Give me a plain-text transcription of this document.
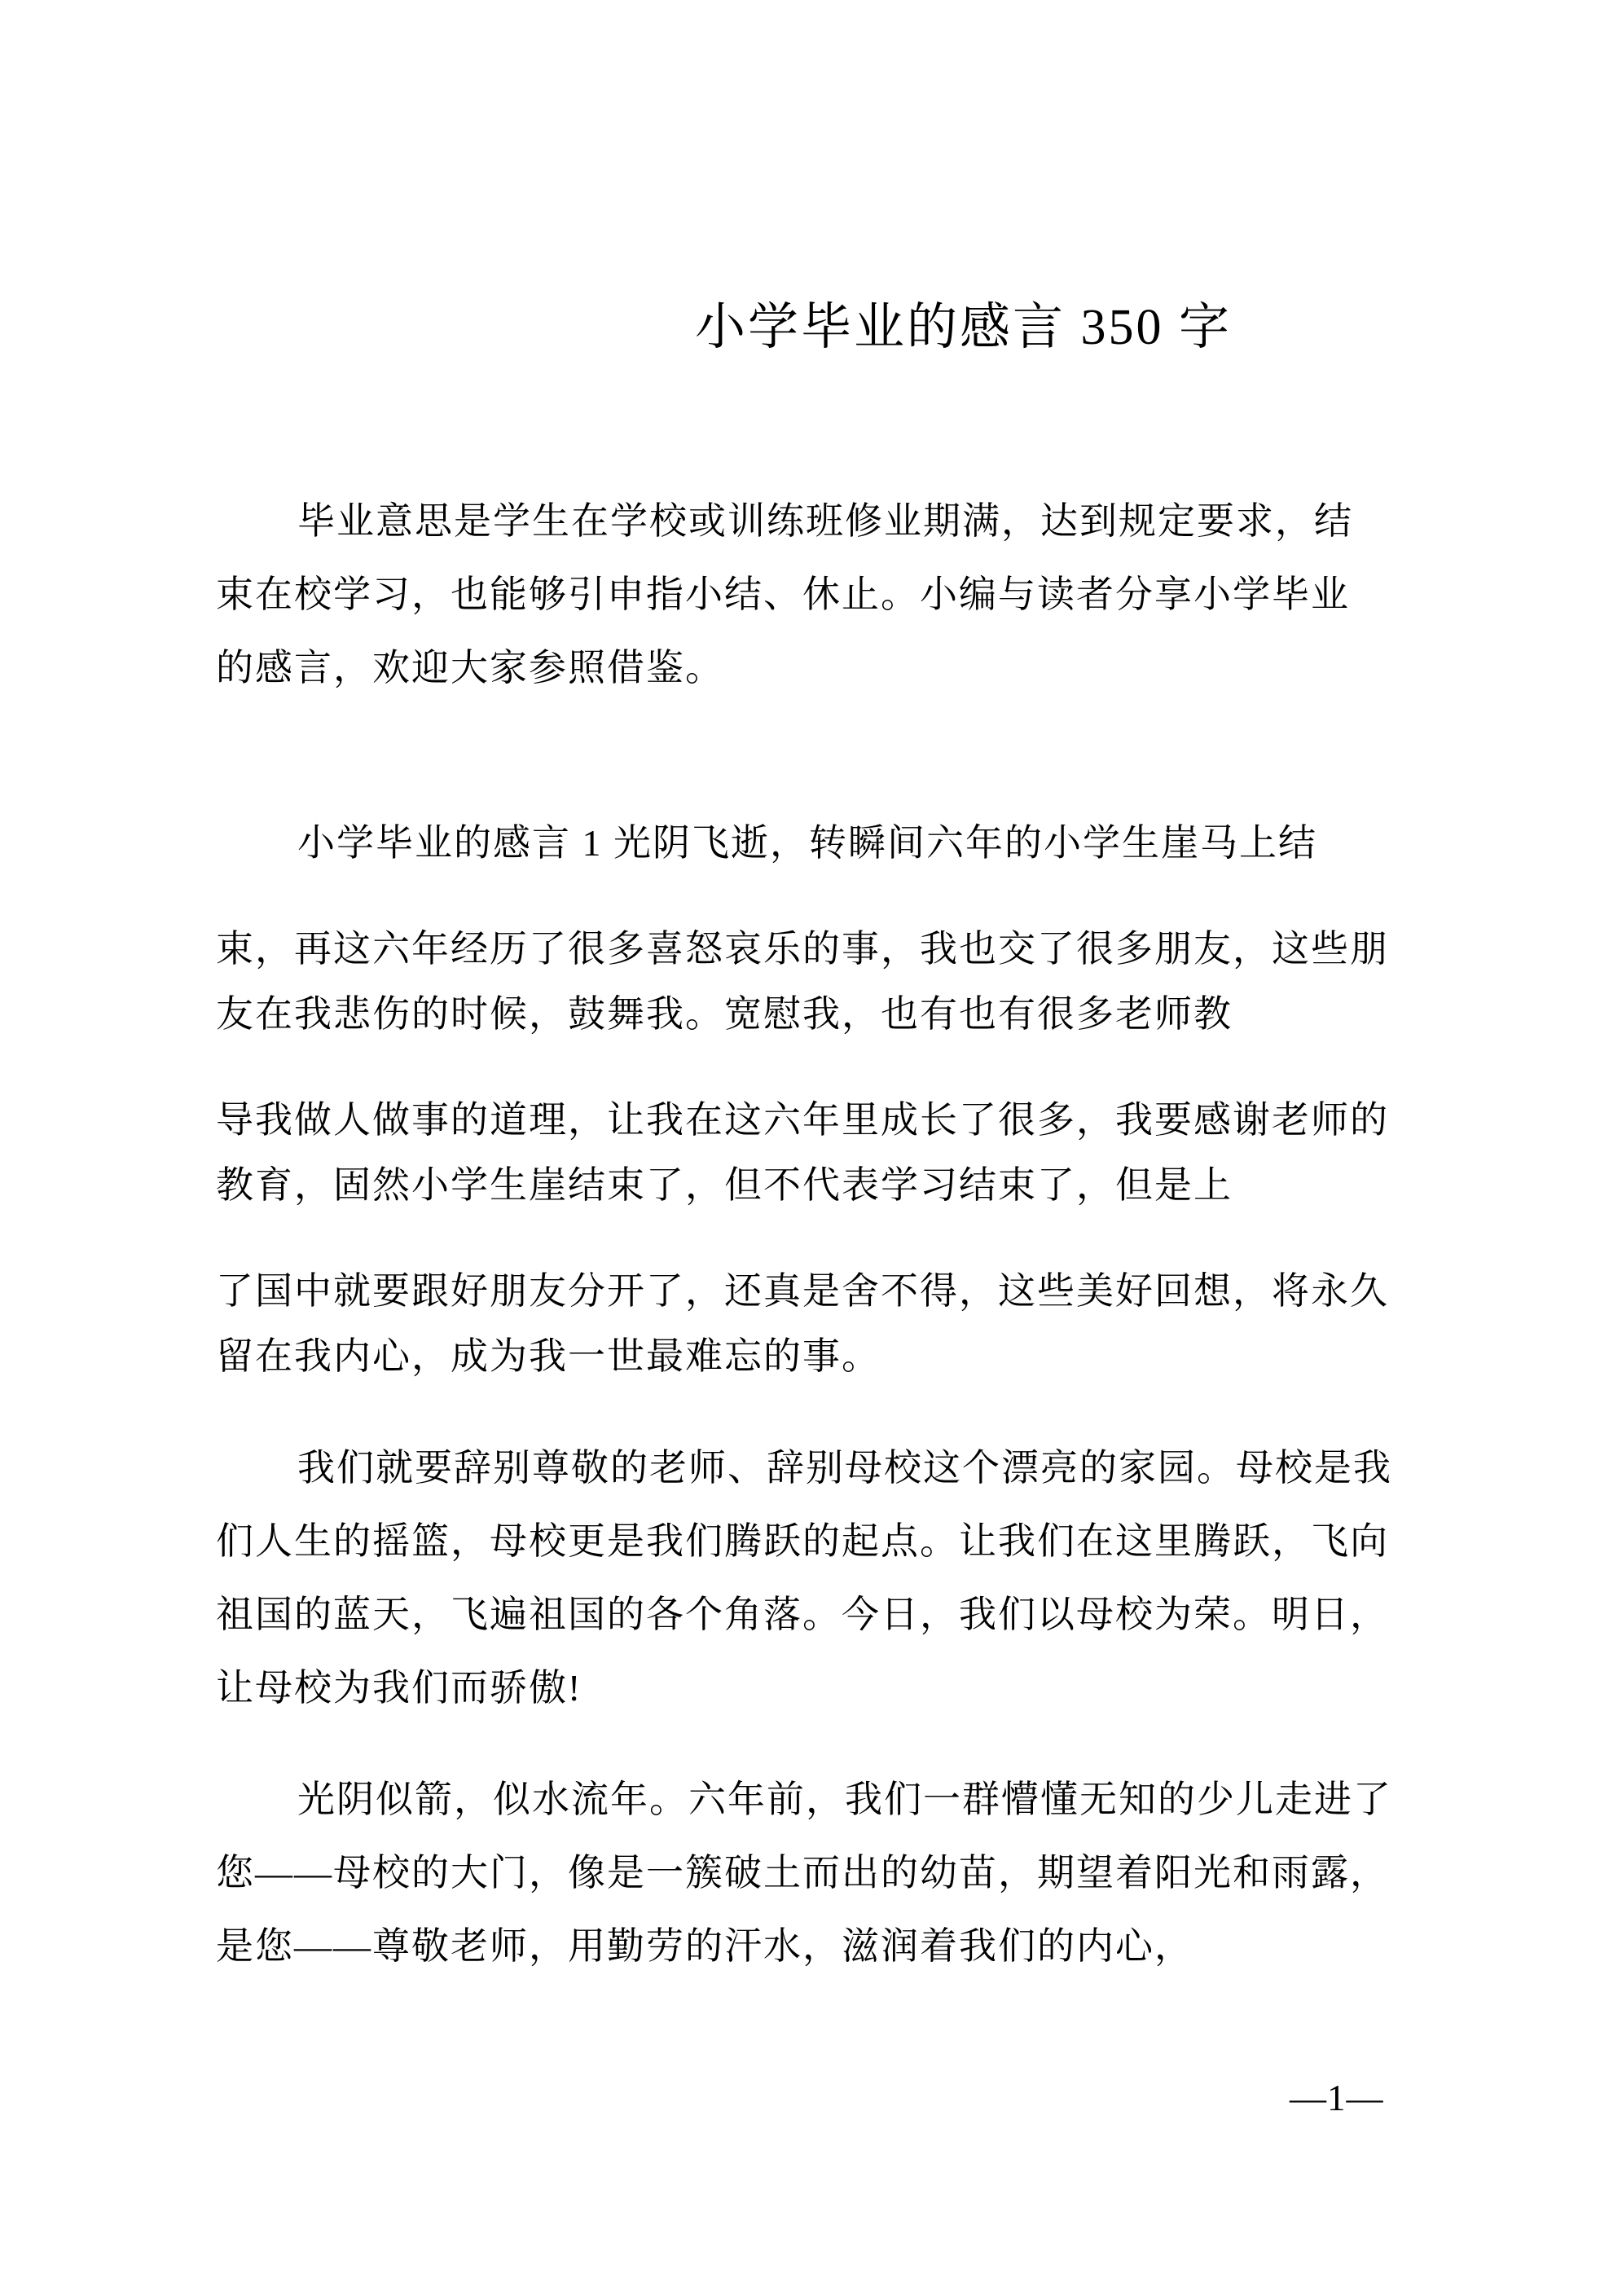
小学毕业的感言 350 字
毕业意思是学生在学校或训练班修业期满，达到规定要求，结
束在校学习，也能够引申指小结、休止。小编与读者分享小学毕业
的感言，欢迎大家参照借鉴。
小学毕业的感言 1 光阴飞逝，转瞬间六年的小学生崖马上结
束，再这六年经历了很多喜怒哀乐的事，我也交了很多朋友，这些朋
友在我悲伤的时候，鼓舞我。宽慰我，也有也有很多老师教
导我做人做事的道理，让我在这六年里成长了很多，我要感谢老师的
教育，固然小学生崖结束了，但不代表学习结束了，但是上
了国中就要跟好朋友分开了，还真是舍不得，这些美好回想，将永久
留在我内心，成为我一世最难忘的事。
我们就要辞别尊敬的老师、辞别母校这个漂亮的家园。母校是我
们人生的摇篮，母校更是我们腾跃的起点。让我们在这里腾跃，飞向
祖国的蓝天，飞遍祖国的各个角落。今日，我们以母校为荣。明日，
让母校为我们而骄傲!
光阴似箭，似水流年。六年前，我们一群懵懂无知的少儿走进了
您——母校的大门，像是一簇破土而出的幼苗，期望着阳光和雨露，
是您——尊敬老师，用勤劳的汗水，滋润着我们的内心，
—1—
